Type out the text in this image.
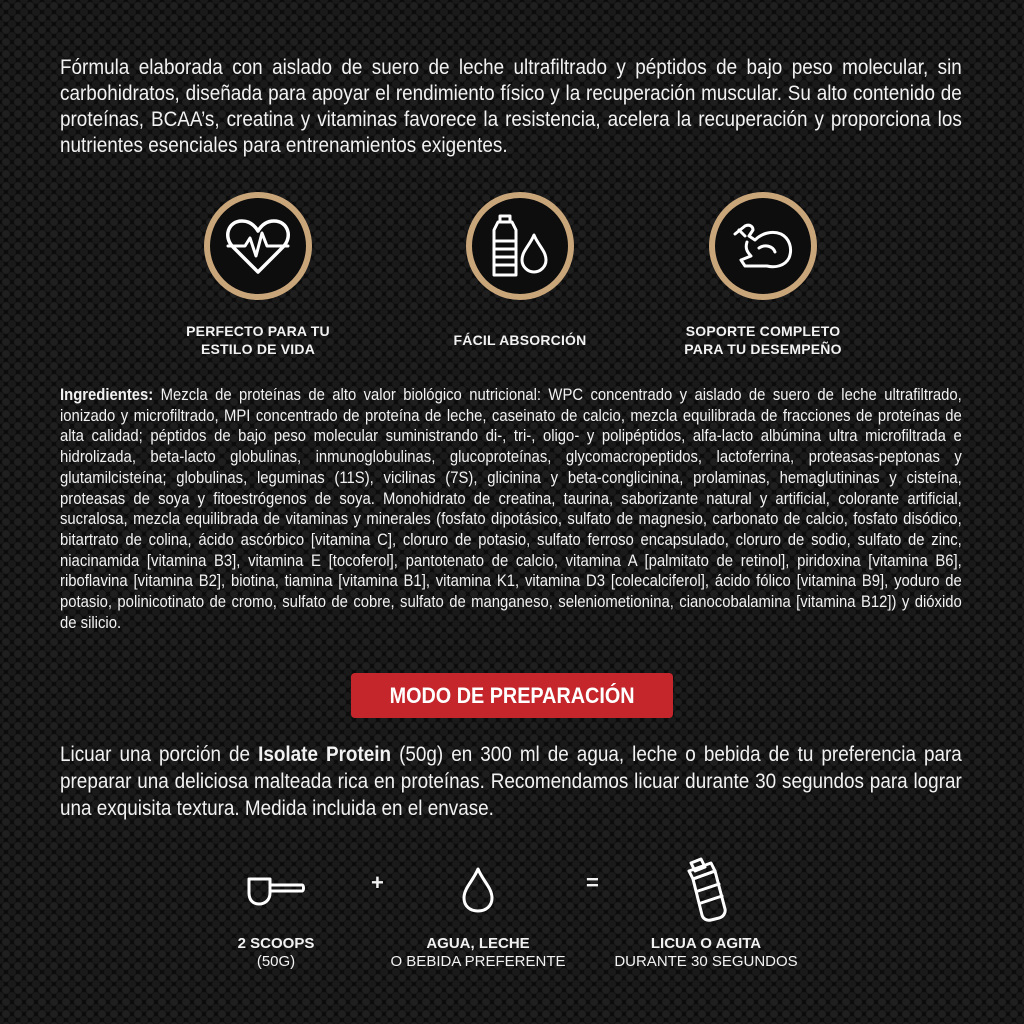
Fórmula elaborada con aislado de suero de leche ultrafiltrado y péptidos de bajo peso molecular, sin carbohidratos, diseñada para apoyar el rendimiento físico y la recuperación muscular. Su alto contenido de proteínas, BCAA’s, creatina y vitaminas favorece la resistencia, acelera la recuperación y proporciona los nutrientes esenciales para entrenamientos exigentes.
PERFECTO PARA TU
ESTILO DE VIDA
FÁCIL ABSORCIÓN
SOPORTE COMPLETO
PARA TU DESEMPEÑO
Ingredientes: Mezcla de proteínas de alto valor biológico nutricional: WPC concentrado y aislado de suero de leche ultrafiltrado, ionizado y microfiltrado, MPI concentrado de proteína de leche, caseinato de calcio, mezcla equilibrada de fracciones de proteínas de alta calidad; péptidos de bajo peso molecular suministrando di-, tri-, oligo- y polipéptidos, alfa-lacto albúmina ultra microfiltrada e hidrolizada, beta-lacto globulinas, inmunoglobulinas, glucoproteínas, glycomacropeptidos, lactoferrina, proteasas-peptonas y glutamilcisteína; globulinas, leguminas (11S), vicilinas (7S), glicinina y beta-conglicinina, prolaminas, hemaglutininas y cisteína, proteasas de soya y fitoestrógenos de soya. Monohidrato de creatina, taurina, saborizante natural y artificial, colorante artificial, sucralosa, mezcla equilibrada de vitaminas y minerales (fosfato dipotásico, sulfato de magnesio, carbonato de calcio, fosfato disódico, bitartrato de colina, ácido ascórbico [vitamina C], cloruro de potasio, sulfato ferroso encapsulado, cloruro de sodio, sulfato de zinc, niacinamida [vitamina B3], vitamina E [tocoferol], pantotenato de calcio, vitamina A [palmitato de retinol], piridoxina [vitamina B6], riboflavina [vitamina B2], biotina, tiamina [vitamina B1], vitamina K1, vitamina D3 [colecalciferol], ácido fólico [vitamina B9], yoduro de potasio, polinicotinato de cromo, sulfato de cobre, sulfato de manganeso, seleniometionina, cianocobalamina [vitamina B12]) y dióxido de silicio.
MODO DE PREPARACIÓN
Licuar una porción de Isolate Protein (50g) en 300 ml de agua, leche o bebida de tu preferencia para preparar una deliciosa malteada rica en proteínas. Recomendamos licuar durante 30 segundos para lograr una exquisita textura. Medida incluida en el envase.
2 SCOOPS
(50G)
+
AGUA, LECHE
O BEBIDA PREFERENTE
=
LICUA O AGITA
DURANTE 30 SEGUNDOS
